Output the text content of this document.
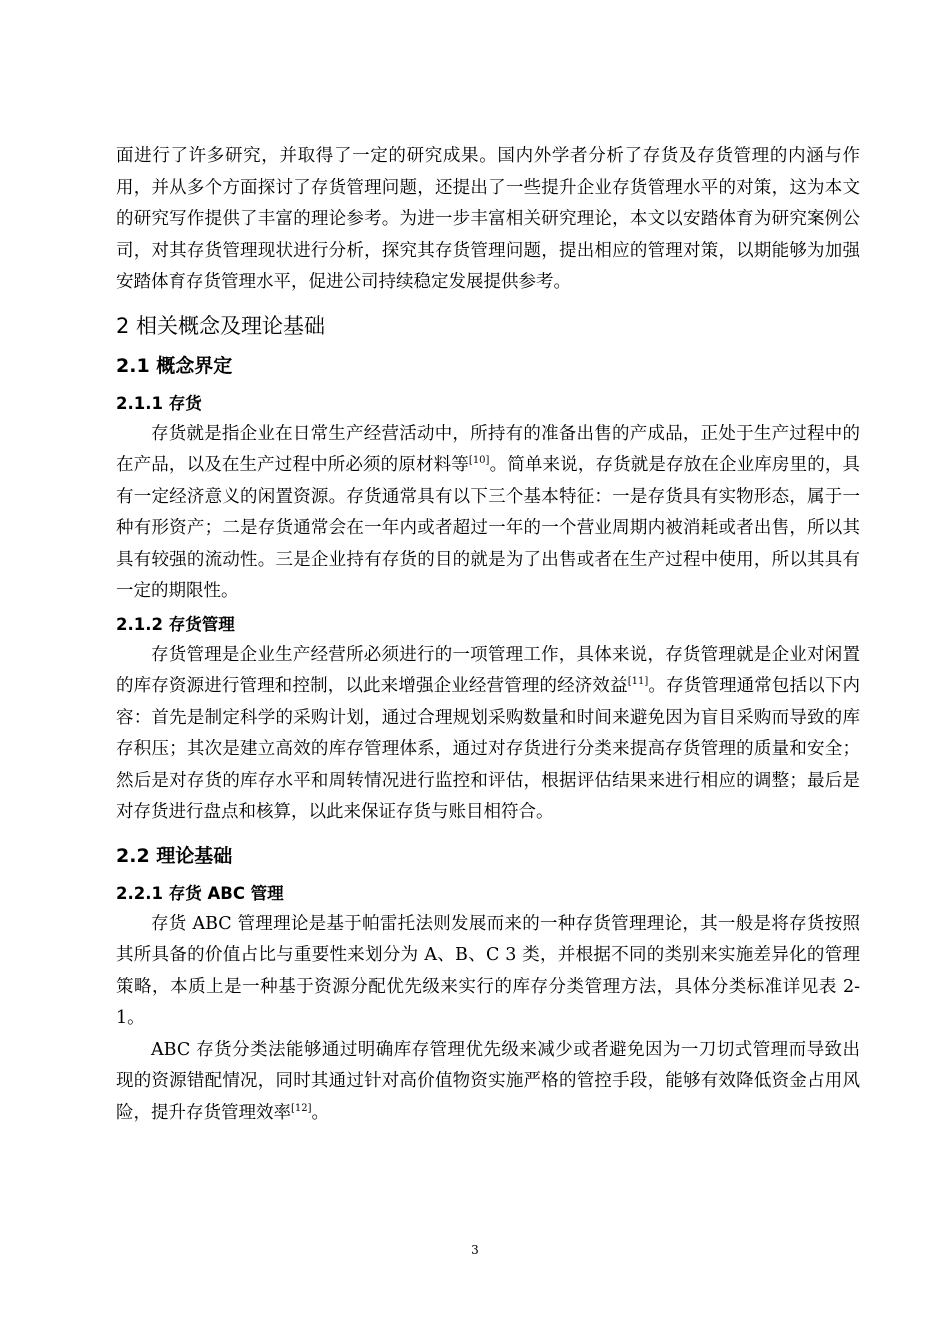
面进行了许多研究，并取得了一定的研究成果。国内外学者分析了存货及存货管理的内涵与作用，并从多个方面探讨了存货管理问题，还提出了一些提升企业存货管理水平的对策，这为本文的研究写作提供了丰富的理论参考。为进一步丰富相关研究理论，本文以安踏体育为研究案例公司，对其存货管理现状进行分析，探究其存货管理问题，提出相应的管理对策，以期能够为加强安踏体育存货管理水平，促进公司持续稳定发展提供参考。

2 相关概念及理论基础
2.1 概念界定
2.1.1 存货

存货就是指企业在日常生产经营活动中，所持有的准备出售的产成品，正处于生产过程中的在产品，以及在生产过程中所必须的原材料等[10]。简单来说，存货就是存放在企业库房里的，具有一定经济意义的闲置资源。存货通常具有以下三个基本特征：一是存货具有实物形态，属于一种有形资产；二是存货通常会在一年内或者超过一年的一个营业周期内被消耗或者出售，所以其具有较强的流动性。三是企业持有存货的目的就是为了出售或者在生产过程中使用，所以其具有一定的期限性。

2.1.2 存货管理

存货管理是企业生产经营所必须进行的一项管理工作，具体来说，存货管理就是企业对闲置的库存资源进行管理和控制，以此来增强企业经营管理的经济效益[11]。存货管理通常包括以下内容：首先是制定科学的采购计划，通过合理规划采购数量和时间来避免因为盲目采购而导致的库存积压；其次是建立高效的库存管理体系，通过对存货进行分类来提高存货管理的质量和安全；然后是对存货的库存水平和周转情况进行监控和评估，根据评估结果来进行相应的调整；最后是对存货进行盘点和核算，以此来保证存货与账目相符合。

2.2 理论基础
2.2.1 存货 ABC 管理

存货 ABC 管理理论是基于帕雷托法则发展而来的一种存货管理理论，其一般是将存货按照其所具备的价值占比与重要性来划分为 A、B、C 3 类，并根据不同的类别来实施差异化的管理策略，本质上是一种基于资源分配优先级来实行的库存分类管理方法，具体分类标准详见表 2-1。

ABC 存货分类法能够通过明确库存管理优先级来减少或者避免因为一刀切式管理而导致出现的资源错配情况，同时其通过针对高价值物资实施严格的管控手段，能够有效降低资金占用风险，提升存货管理效率[12]。

3
